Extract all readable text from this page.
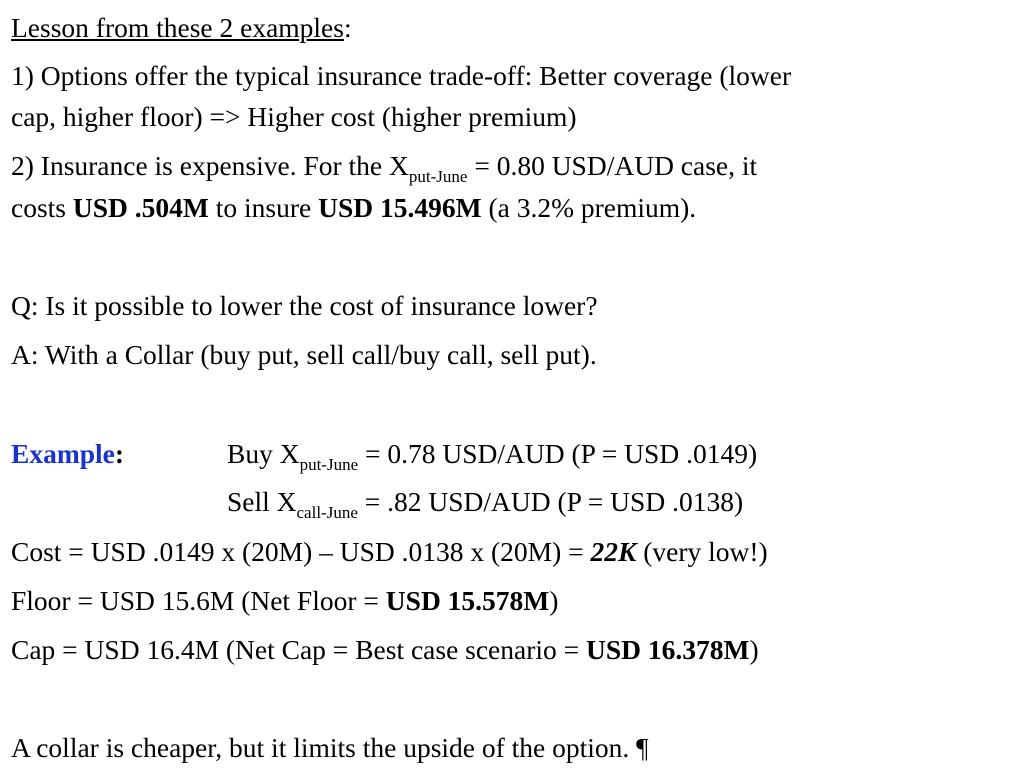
Lesson from these 2 examples:
1) Options offer the typical insurance trade-off: Better coverage (lower
cap, higher floor) => Higher cost (higher premium)
2) Insurance is expensive. For the $X_{put-June} = 0.80$ USD/AUD case, it
costs USD .504M to insure USD 15.496M (a 3.2% premium).
Q: Is it possible to lower the cost of insurance lower?
A: With a Collar (buy put, sell call/buy call, sell put).
Example:	Buy $X_{put-June} = 0.78$ USD/AUD (P = USD .0149)
Sell $X_{call-June} = .82$ USD/AUD (P = USD .0138)
Cost = USD .0149 x (20M) – USD .0138 x (20M) = 22K (very low!)
Floor = USD 15.6M (Net Floor = USD 15.578M)
Cap = USD 16.4M (Net Cap = Best case scenario = USD 16.378M)
A collar is cheaper, but it limits the upside of the option. ¶
